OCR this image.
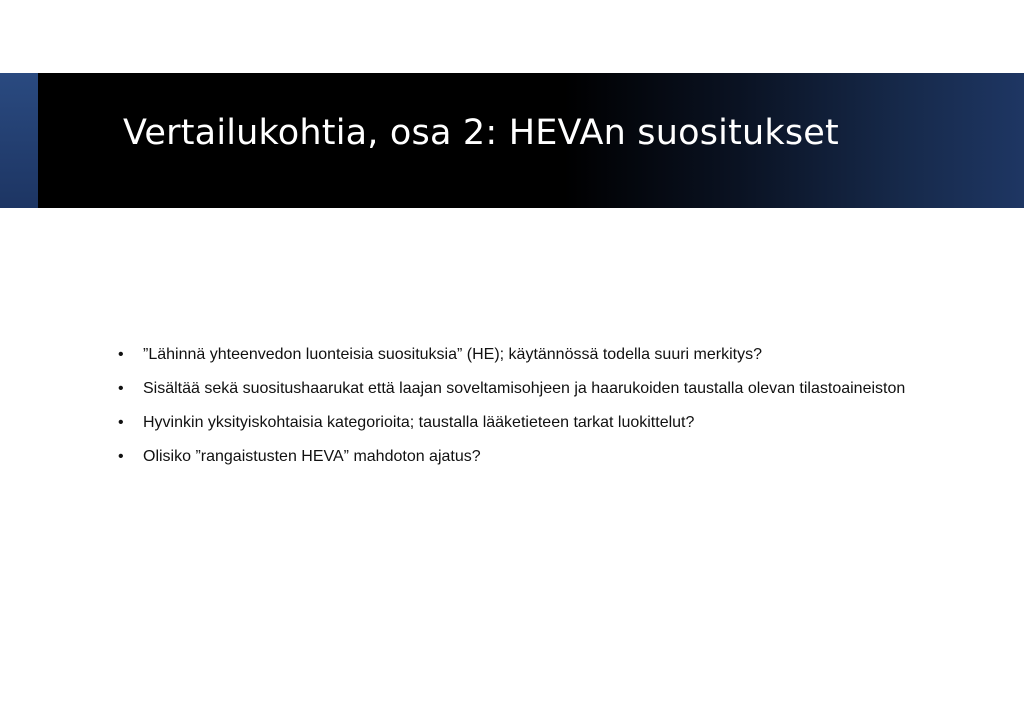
Vertailukohtia, osa 2: HEVAn suositukset
• ”Lähinnä yhteenvedon luonteisia suosituksia” (HE); käytännössä todella suuri merkitys?
• Sisältää sekä suositushaarukat että laajan soveltamisohjeen ja haarukoiden taustalla olevan tilastoaineiston
• Hyvinkin yksityiskohtaisia kategorioita; taustalla lääketieteen tarkat luokittelut?
• Olisiko ”rangaistusten HEVA” mahdoton ajatus?
